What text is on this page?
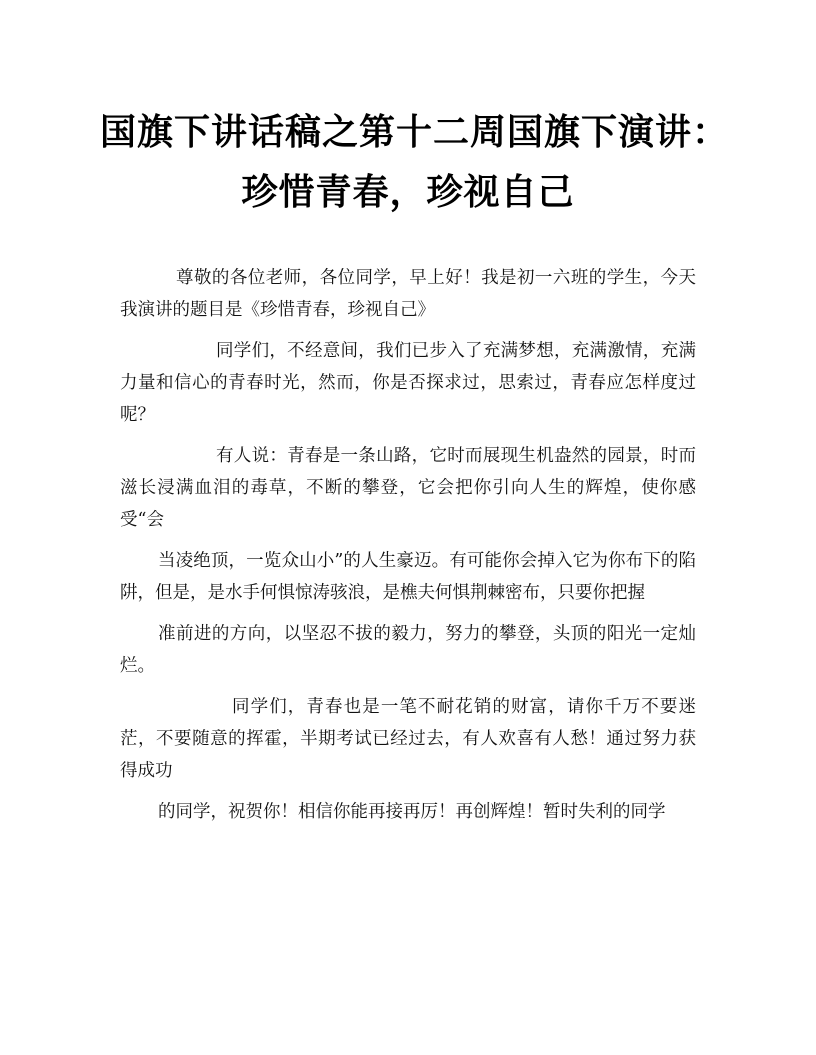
国旗下讲话稿之第十二周国旗下演讲：
珍惜青春，珍视自己

尊敬的各位老师，各位同学，早上好！我是初一六班的学生，今天我演讲的题目是《珍惜青春，珍视自己》

同学们，不经意间，我们已步入了充满梦想，充满激情，充满力量和信心的青春时光，然而，你是否探求过，思索过，青春应怎样度过呢？

有人说：青春是一条山路，它时而展现生机盎然的园景，时而滋长浸满血泪的毒草，不断的攀登，它会把你引向人生的辉煌，使你感受“会

当凌绝顶，一览众山小”的人生豪迈。有可能你会掉入它为你布下的陷阱，但是，是水手何惧惊涛骇浪，是樵夫何惧荆棘密布，只要你把握

准前进的方向，以坚忍不拔的毅力，努力的攀登，头顶的阳光一定灿烂。

同学们，青春也是一笔不耐花销的财富，请你千万不要迷茫，不要随意的挥霍，半期考试已经过去，有人欢喜有人愁！通过努力获得成功

的同学，祝贺你！相信你能再接再厉！再创辉煌！暂时失利的同学
